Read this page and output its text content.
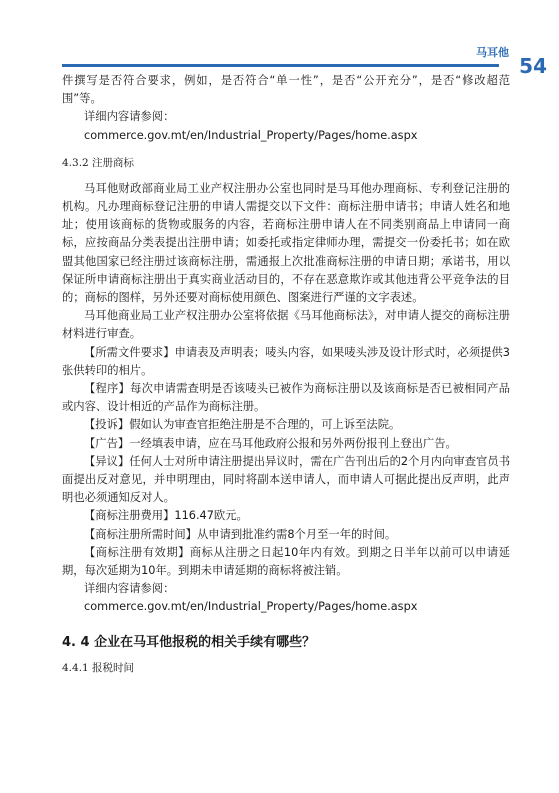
马耳他
54

件撰写是否符合要求，例如，是否符合“单一性”，是否“公开充分”，是否“修改超范围”等。

详细内容请参阅：

commerce.gov.mt/en/Industrial_Property/Pages/home.aspx

4.3.2 注册商标

马耳他财政部商业局工业产权注册办公室也同时是马耳他办理商标、专利登记注册的机构。凡办理商标登记注册的申请人需提交以下文件：商标注册申请书；申请人姓名和地址；使用该商标的货物或服务的内容，若商标注册申请人在不同类别商品上申请同一商标，应按商品分类表提出注册申请；如委托或指定律师办理，需提交一份委托书；如在欧盟其他国家已经注册过该商标注册，需通报上次批准商标注册的申请日期；承诺书，用以保证所申请商标注册出于真实商业活动目的，不存在恶意欺诈或其他违背公平竞争法的目的；商标的图样，另外还要对商标使用颜色、图案进行严谨的文字表述。

马耳他商业局工业产权注册办公室将依据《马耳他商标法》，对申请人提交的商标注册材料进行审查。

【所需文件要求】申请表及声明表；唛头内容，如果唛头涉及设计形式时，必须提供3张供转印的相片。

【程序】每次申请需查明是否该唛头已被作为商标注册以及该商标是否已被相同产品或内容、设计相近的产品作为商标注册。

【投诉】假如认为审查官拒绝注册是不合理的，可上诉至法院。

【广告】一经填表申请，应在马耳他政府公报和另外两份报刊上登出广告。

【异议】任何人士对所申请注册提出异议时，需在广告刊出后的2个月内向审查官员书面提出反对意见，并申明理由，同时将副本送申请人，而申请人可据此提出反声明，此声明也必须通知反对人。

【商标注册费用】116.47欧元。

【商标注册所需时间】从申请到批准约需8个月至一年的时间。

【商标注册有效期】商标从注册之日起10年内有效。到期之日半年以前可以申请延期，每次延期为10年。到期未申请延期的商标将被注销。

详细内容请参阅：

commerce.gov.mt/en/Industrial_Property/Pages/home.aspx

4. 4 企业在马耳他报税的相关手续有哪些？
4.4.1 报税时间
